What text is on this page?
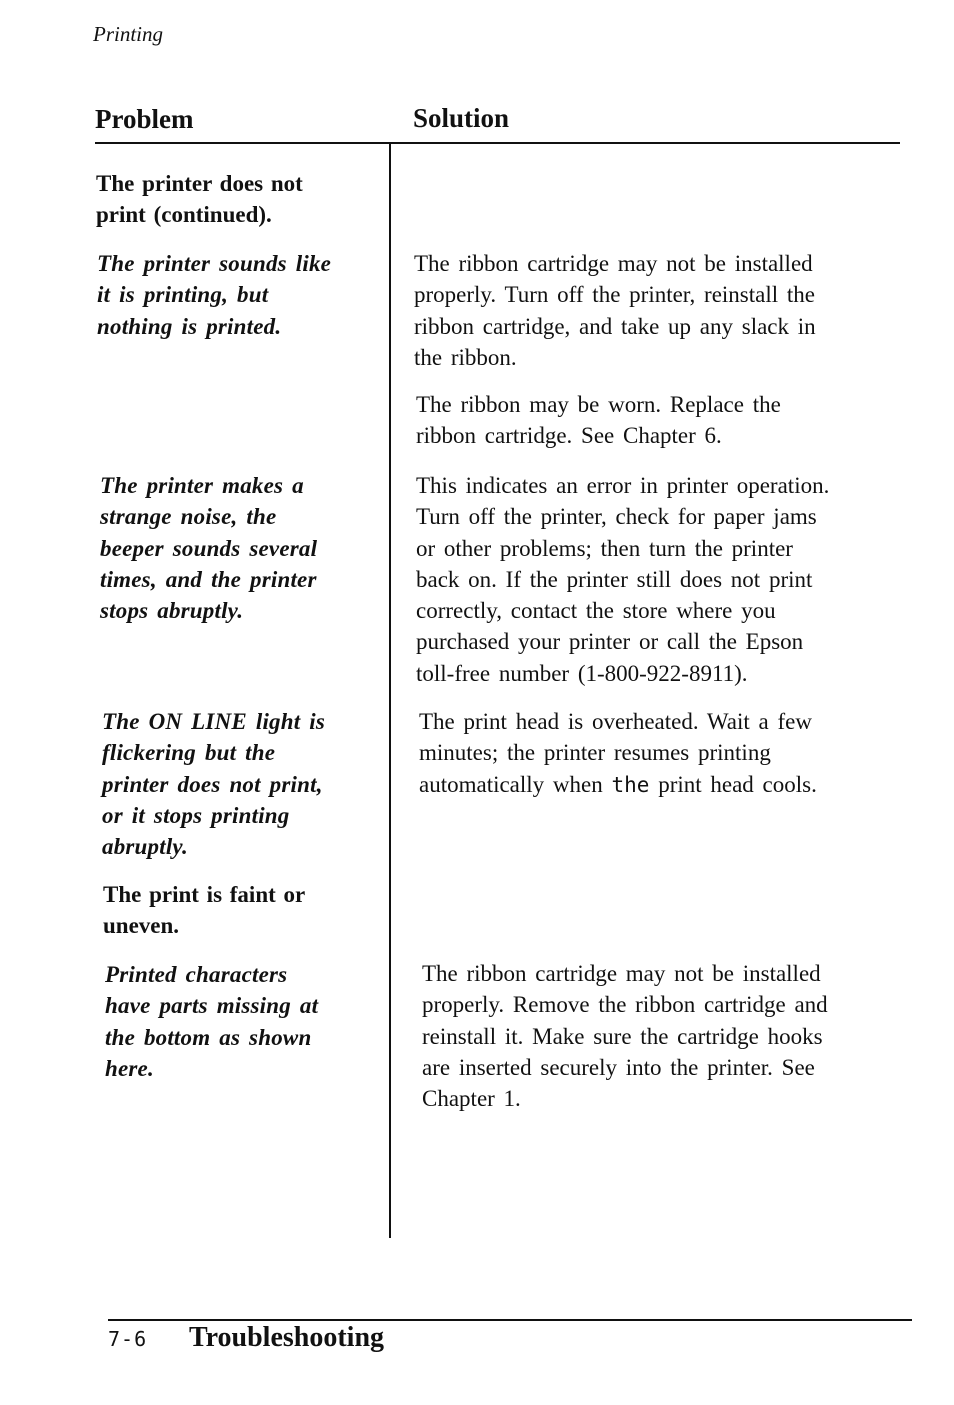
Printing
Problem	Solution
The printer does not
print (continued).
The printer sounds like
it is printing, but
nothing is printed.
The ribbon cartridge may not be installed
properly. Turn off the printer, reinstall the
ribbon cartridge, and take up any slack in
the ribbon.
The ribbon may be worn. Replace the
ribbon cartridge. See Chapter 6.
The printer makes a
strange noise, the
beeper sounds several
times, and the printer
stops abruptly.
This indicates an error in printer operation.
Turn off the printer, check for paper jams
or other problems; then turn the printer
back on. If the printer still does not print
correctly, contact the store where you
purchased your printer or call the Epson
toll-free number (1-800-922-8911).
The ON LINE light is
flickering but the
printer does not print,
or it stops printing
abruptly.
The print head is overheated. Wait a few
minutes; the printer resumes printing
automatically when the print head cools.
The print is faint or
uneven.
Printed characters
have parts missing at
the bottom as shown
here.
The ribbon cartridge may not be installed
properly. Remove the ribbon cartridge and
reinstall it. Make sure the cartridge hooks
are inserted securely into the printer. See
Chapter 1.
7-6 Troubleshooting
